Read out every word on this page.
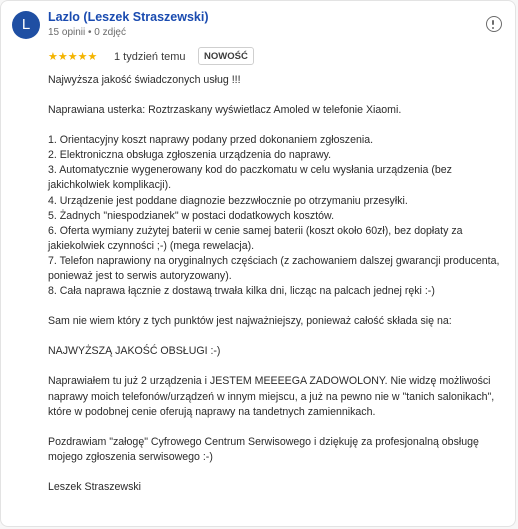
L	Lazlo (Leszek Straszewski)
15 opinii • 0 zdjęć
★★★★★ 1 tydzień temu	NOWOŚĆ

Najwyższa jakość świadczonych usług !!!

Naprawiana usterka: Roztrzaskany wyświetlacz Amoled w telefonie Xiaomi.

1. Orientacyjny koszt naprawy podany przed dokonaniem zgłoszenia.

2. Elektroniczna obsługa zgłoszenia urządzenia do naprawy.

3. Automatycznie wygenerowany kod do paczkomatu w celu wysłania urządzenia (bez jakichkolwiek komplikacji).

4. Urządzenie jest poddane diagnozie bezzwłocznie po otrzymaniu przesyłki.

5. Żadnych "niespodzianek" w postaci dodatkowych kosztów.

6. Oferta wymiany zużytej baterii w cenie samej baterii (koszt około 60zł), bez dopłaty za jakiekolwiek czynności ;-) (mega rewelacja).

7. Telefon naprawiony na oryginalnych częściach (z zachowaniem dalszej gwarancji producenta, ponieważ jest to serwis autoryzowany).

8. Cała naprawa łącznie z dostawą trwała kilka dni, licząc na palcach jednej ręki :-)

Sam nie wiem który z tych punktów jest najważniejszy, ponieważ całość składa się na:

NAJWYŻSZĄ JAKOŚĆ OBSŁUGI :-)

Naprawiałem tu już 2 urządzenia i JESTEM MEEEEGA ZADOWOLONY. Nie widzę możliwości naprawy moich telefonów/urządzeń w innym miejscu, a już na pewno nie w "tanich salonikach", które w podobnej cenie oferują naprawy na tandetnych zamiennikach.

Pozdrawiam "załogę" Cyfrowego Centrum Serwisowego i dziękuję za profesjonalną obsługę mojego zgłoszenia serwisowego :-)

Leszek Straszewski
